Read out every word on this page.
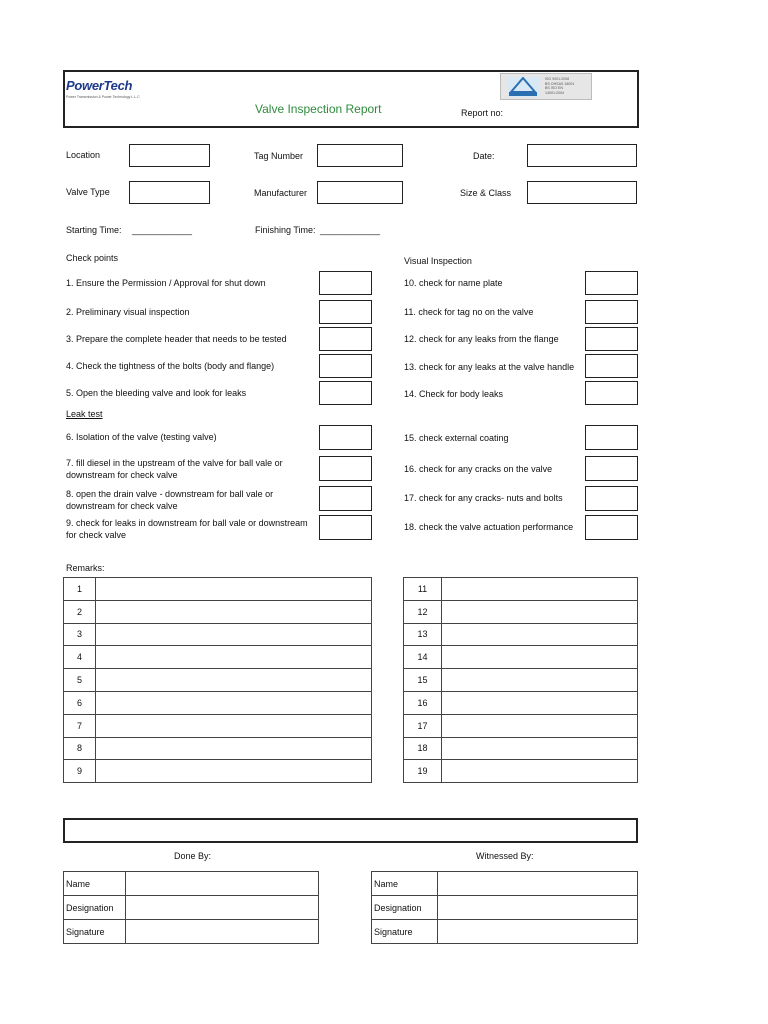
PowerTech
Power Transmission & Power Technology L.L.C
ISO 9001:2008
BS OHSAS 18001
BS ISO EN
14001:2004
Valve Inspection Report	Report no:
Location	Tag Number	Date:
Valve Type	Manufacturer	Size & Class
Starting Time: ____________	Finishing Time: ____________
Check points	Visual Inspection
1. Ensure the Permission / Approval for shut down
2. Preliminary visual inspection
3. Prepare the complete header that needs to be tested
4. Check the tightness of the bolts (body and flange)
5. Open the bleeding valve and look for leaks
Leak test
6. Isolation of the valve (testing valve)
7. fill diesel in the upstream of the valve for ball vale or downstream for check valve
8. open the drain valve - downstream for ball vale or downstream for check valve
9. check for leaks in downstream for ball vale or downstream for check valve
10. check for name plate
11. check for tag no on the valve
12. check for any leaks from the flange
13. check for any leaks at the valve handle
14. Check for body leaks
15. check external coating
16. check for any cracks on the valve
17. check for any cracks- nuts and bolts
18. check the valve actuation performance
Remarks:
1	
2	
3	
4	
5	
6	
7	
8	
9	
11	
12	
13	
14	
15	
16	
17	
18	
19	
Done By:	Witnessed By:
Name	
Designation	
Signature	
Name	
Designation	
Signature	
